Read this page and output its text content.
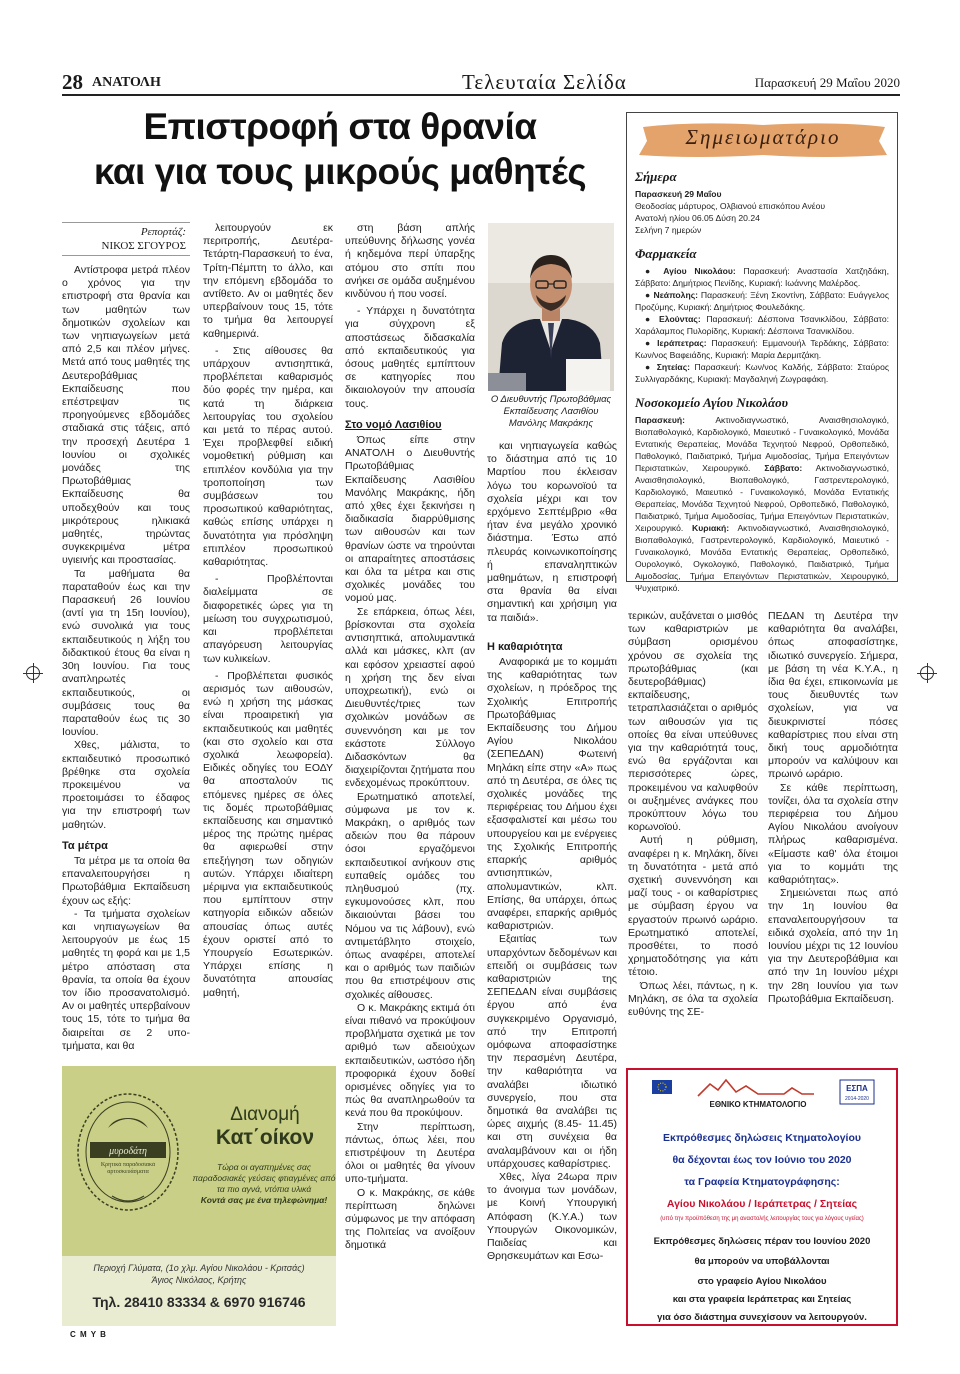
28 ΑΝΑΤΟΛΗ	Τελευταία Σελίδα	Παρασκευή 29 Μαΐου 2020
Επιστροφή στα θρανία
και για τους μικρούς μαθητές
Ρεπορτάζ:
ΝΙΚΟΣ ΣΓΟΥΡΟΣ

Αντίστροφα μετρά πλέον ο χρόνος για την επιστροφή στα θρανία και των μαθητών των δημοτικών σχολείων και των νηπιαγωγείων μετά από 2,5 και πλέον μήνες. Μετά από τους μαθητές της Δευτεροβάθμιας Εκπαίδευσης που επέστρεψαν τις προηγούμενες εβδομάδες σταδιακά στις τάξεις, από την προσεχή Δευτέρα 1 Ιουνίου οι σχολικές μονάδες της Πρωτοβάθμιας Εκπαίδευσης θα υποδεχθούν και τους μικρότερους ηλικιακά μαθητές, τηρώντας συγκεκριμένα μέτρα υγιεινής και προστασίας.

Τα μαθήματα θα παραταθούν έως και την Παρασκευή 26 Ιουνίου (αντί για τη 15η Ιουνίου), ενώ συνολικά για τους εκπαιδευτικούς η λήξη του διδακτικού έτους θα είναι η 30η Ιουνίου. Για τους αναπληρωτές εκπαιδευτικούς, οι συμβάσεις τους θα παραταθούν έως τις 30 Ιουνίου.

Χθες, μάλιστα, το εκπαιδευτικό προσωπικό βρέθηκε στα σχολεία προκειμένου να προετοιμάσει το έδαφος για την επιστροφή των μαθητών.

Τα μέτρα

Τα μέτρα με τα οποία θα επαναλειτουργήσει η Πρωτοβάθμια Εκπαίδευση έχουν ως εξής:

- Τα τμήματα σχολείων και νηπιαγωγείων θα λειτουργούν με έως 15 μαθητές τη φορά και με 1,5 μέτρο απόσταση στα θρανία, τα οποία θα έχουν τον ίδιο προσανατολισμό. Αν οι μαθητές υπερβαίνουν τους 15, τότε το τμήμα θα διαιρείται σε 2 υπο-τμήματα, και θα

λειτουργούν εκ περιτροπής, Δευτέρα-Τετάρτη-Παρασκευή το ένα, Τρίτη-Πέμπτη το άλλο, και την επόμενη εβδομάδα το αντίθετο. Αν οι μαθητές δεν υπερβαίνουν τους 15, τότε το τμήμα θα λειτουργεί καθημερινά.

- Στις αίθουσες θα υπάρχουν αντισηπτικά, προβλέπεται καθαρισμός δύο φορές την ημέρα, και κατά τη διάρκεια λειτουργίας του σχολείου και μετά το πέρας αυτού. Έχει προβλεφθεί ειδική νομοθετική ρύθμιση και επιπλέον κονδύλια για την τροποποίηση των συμβάσεων του προσωπικού καθαριότητας, καθώς επίσης υπάρχει η δυνατότητα για πρόσληψη επιπλέον προσωπικού καθαριότητας.

- Προβλέπονται διαλείμματα σε διαφορετικές ώρες για τη μείωση του συγχρωτισμού, και προβλέπεται απαγόρευση λειτουργίας των κυλικείων.

- Προβλέπεται φυσικός αερισμός των αιθουσών, ενώ η χρήση της μάσκας είναι προαιρετική για εκπαιδευτικούς και μαθητές (και στο σχολείο και στα σχολικά λεωφορεία). Ειδικές οδηγίες του ΕΟΔΥ θα αποσταλούν τις επόμενες ημέρες σε όλες τις δομές πρωτοβάθμιας εκπαίδευσης και σημαντικό μέρος της πρώτης ημέρας θα αφιερωθεί στην επεξήγηση των οδηγιών αυτών. Υπάρχει ιδιαίτερη μέριμνα για εκπαιδευτικούς που εμπίπτουν στην κατηγορία ειδικών αδειών απουσίας όπως αυτές έχουν οριστεί από το Υπουργείο Εσωτερικών. Υπάρχει επίσης η δυνατότητα απουσίας μαθητή,

στη βάση απλής υπεύθυνης δήλωσης γονέα ή κηδεμόνα περί ύπαρξης ατόμου στο σπίτι που ανήκει σε ομάδα αυξημένου κινδύνου ή που νοσεί.

- Υπάρχει η δυνατότητα για σύγχρονη εξ αποστάσεως διδασκαλία από εκπαιδευτικούς για όσους μαθητές εμπίπτουν σε κατηγορίες που δικαιολογούν την απουσία τους.

Στο νομό Λασιθίου

Όπως είπε στην ΑΝΑΤΟΛΗ ο Διευθυντής Πρωτοβάθμιας Εκπαίδευσης Λασιθίου Μανόλης Μακράκης, ήδη από χθες έχει ξεκινήσει η διαδικασία διαρρύθμισης των αιθουσών και των θρανίων ώστε να τηρούνται οι απαραίτητες αποστάσεις και όλα τα μέτρα και στις σχολικές μονάδες του νομού μας.

Σε επάρκεια, όπως λέει, βρίσκονται στα σχολεία αντισηπτικά, απολυμαντικά αλλά και μάσκες, κλπ (αν και εφόσον χρειαστεί αφού η χρήση της δεν είναι υποχρεωτική), ενώ οι Διευθυντές/τριες των σχολικών μονάδων σε συνεννόηση και με τον εκάστοτε Σύλλογο Διδασκόντων θα διαχειρίζονται ζητήματα που ενδεχομένως προκύπτουν.

Ερωτηματικό αποτελεί, σύμφωνα με τον κ. Μακράκη, ο αριθμός των αδειών που θα πάρουν όσοι εργαζόμενοι εκπαιδευτικοί ανήκουν στις ευπαθείς ομάδες του πληθυσμού (πχ. εγκυμονούσες κλπ, που δικαιούνται βάσει του Νόμου να τις λάβουν), ενώ αντιμετάβλητο στοιχείο, όπως αναφέρει, αποτελεί και ο αριθμός των παιδιών που θα επιστρέψουν στις σχολικές αίθουσες.

Ο κ. Μακράκης εκτιμά ότι είναι πιθανό να προκύψουν προβλήματα σχετικά με τον αριθμό των αδειούχων εκπαιδευτικών, ωστόσο ήδη προφορικά έχουν δοθεί ορισμένες οδηγίες για το πώς θα αναπληρωθούν τα κενά που θα προκύψουν.

Στην περίπτωση, πάντως, όπως λέει, που επιστρέψουν τη Δευτέρα όλοι οι μαθητές θα γίνουν υπο-τμήματα.

Ο κ. Μακράκης, σε κάθε περίπτωση δηλώνει σύμφωνος με την απόφαση της Πολιτείας να ανοίξουν δημοτικά

Ο Διευθυντής Πρωτοβάθμιας Εκπαίδευσης Λασιθίου Μανόλης Μακράκης

και νηπιαγωγεία καθώς το διάστημα από τις 10 Μαρτίου που έκλεισαν λόγω του κορωνοϊού τα σχολεία μέχρι και τον ερχόμενο Σεπτέμβριο «θα ήταν ένα μεγάλο χρονικό διάστημα. Έστω από πλευράς κοινωνικοποίησης ή επαναληπτικών μαθημάτων, η επιστροφή στα θρανία θα είναι σημαντική και χρήσιμη για τα παιδιά».

Η καθαριότητα

Αναφορικά με το κομμάτι της καθαριότητας των σχολείων, η πρόεδρος της Σχολικής Επιτροπής Πρωτοβάθμιας Εκπαίδευσης του Δήμου Αγίου Νικολάου (ΣΕΠΕΔΑΝ) Φωτεινή Μηλάκη είπε στην «Α» πως από τη Δευτέρα, σε όλες τις σχολικές μονάδες της περιφέρειας του Δήμου έχει εξασφαλιστεί και μέσω του υπουργείου και με ενέργειες της Σχολικής Επιτροπής επαρκής αριθμός αντισηπτικών, απολυμαντικών, κλπ. Επίσης, θα υπάρχει, όπως αναφέρει, επαρκής αριθμός καθαριστριών.

Εξαιτίας των υπαρχόντων δεδομένων και επειδή οι συμβάσεις των καθαριστριών της ΣΕΠΕΔΑΝ είναι συμβάσεις έργου από ένα συγκεκριμένο Οργανισμό, από την Επιτροπή ομόφωνα αποφασίστηκε την περασμένη Δευτέρα, την καθαριότητα να αναλάβει ιδιωτικό συνεργείο, που στα δημοτικά θα αναλάβει τις ώρες αιχμής (8.45- 11.45) και στη συνέχεια θα αναλαμβάνουν και οι ήδη υπάρχουσες καθαρίστριες.

Χθες, λίγα 24ωρα πριν το άνοιγμα των μονάδων, με Κοινή Υπουργική Απόφαση (Κ.Υ.Α.) των Υπουργών Οικονομικών, Παιδείας και Θρησκευμάτων και Εσω-

τερικών, αυξάνεται ο μισθός των καθαριστριών με σύμβαση ορισμένου χρόνου σε σχολεία της πρωτοβάθμιας (και δευτεροβάθμιας) εκπαίδευσης, τετραπλασιάζεται ο αριθμός των αιθουσών για τις οποίες θα είναι υπεύθυνες για την καθαριότητά τους, ενώ θα εργάζονται και περισσότερες ώρες, προκειμένου να καλυφθούν οι αυξημένες ανάγκες που προκύπτουν λόγω του κορωνοϊού.

Αυτή η ρύθμιση, αναφέρει η κ. Μηλάκη, δίνει τη δυνατότητα - μετά από σχετική συνεννόηση και μαζί τους - οι καθαρίστριες με σύμβαση έργου να εργαστούν πρωινό ωράριο. Ερωτηματικό αποτελεί, προσθέτει, το ποσό χρηματοδότησης για κάτι τέτοιο.

Όπως λέει, πάντως, η κ. Μηλάκη, σε όλα τα σχολεία ευθύνης της ΣΕ-

ΠΕΔΑΝ τη Δευτέρα την καθαριότητα θα αναλάβει, όπως αποφασίστηκε, ιδιωτικό συνεργείο. Σήμερα, με βάση τη νέα Κ.Υ.Α., η ίδια θα έχει, επικοινωνία με τους διευθυντές των σχολείων, για να διευκρινιστεί πόσες καθαρίστριες που είναι στη δική τους αρμοδιότητα μπορούν να καλύψουν και πρωινό ωράριο.

Σε κάθε περίπτωση, τονίζει, όλα τα σχολεία στην περιφέρεια του Δήμου Αγίου Νικολάου ανοίγουν πλήρως καθαρισμένα. «Είμαστε καθ' όλα έτοιμοι για το κομμάτι της καθαριότητας».

Σημειώνεται πως από την 1η Ιουνίου θα επαναλειτουργήσουν τα ειδικά σχολεία, από την 1η Ιουνίου μέχρι τις 12 Ιουνίου για την Δευτεροβάθμια και από την 1η Ιουνίου μέχρι την 28η Ιουνίου για των Πρωτοβάθμια Εκπαίδευση.

Σημειωματάριο
Σήμερα
Παρασκευή 29 Μαΐου
Θεοδοσίας μάρτυρος, Ολβιανού επισκόπου Ανέου
Ανατολή ηλίου 06.05 Δύση 20.24
Σελήνη 7 ημερών
Φαρμακεία
● Αγίου Νικολάου: Παρασκευή: Αναστασία Χατζηδάκη, Σάββατο: Δημήτριος Πενίδης, Κυριακή: Ιωάννης Μαλέρδος.
● Νεάπολης: Παρασκευή: Ξένη Σκοντίνη, Σάββατο: Ευάγγελος Προζύμης, Κυριακή: Δημήτριος Φουλεδάκης.
● Ελούντας: Παρασκευή: Δέσποινα Τσανικλίδου, Σάββατο: Χαράλαμπος Πυλορίδης, Κυριακή: Δέσποινα Τσανικλίδου.
● Ιεράπετρας: Παρασκευή: Εμμανουήλ Τερδάκης, Σάββατο: Κων/νος Βαφειάδης, Κυριακή: Μαρία Δερμιτζάκη.
● Σητείας: Παρασκευή: Κων/νος Καλδής, Σάββατο: Σταύρος Συλλιγαρδάκης, Κυριακή: Μαγδαληνή Ζωγραφάκη.
Νοσοκομείο Αγίου Νικολάου
Παρασκευή:	Ακτινοδιαγνωστικό, Αναισθησιολογικό, Βιοπαθολογικό, Καρδιολογικό, Μαιευτικό - Γυναικολογικό, Μονάδα Εντατικής Θεραπείας, Μονάδα Τεχνητού Νεφρού, Ορθοπεδικό, Παθολογικό, Παιδιατρικό, Τμήμα Αιμοδοσίας, Τμήμα Επειγόντων Περιστατικών, Χειρουργικό. Σάββατο: Ακτινοδιαγνωστικό, Αναισθησιολογικό, Βιοπαθολογικό, Γαστρεντερολογικό, Καρδιολογικό, Μαιευτικό - Γυναικολογικό, Μονάδα Εντατικής Θεραπείας, Μονάδα Τεχνητού Νεφρού, Ορθοπεδικό, Παθολογικό, Παιδιατρικό, Τμήμα Αιμοδοσίας, Τμήμα Επειγόντων Περιστατικών, Χειρουργικό. Κυριακή: Ακτινοδιαγνωστικό, Αναισθησιολογικό, Βιοπαθολογικό, Γαστρεντερολογικό, Καρδιολογικό, Μαιευτικό - Γυναικολογικό, Μονάδα Εντατικής Θεραπείας, Ορθοπεδικό, Ουρολογικό, Ογκολογικό, Παθολογικό, Παιδιατρικό, Τμήμα Αιμοδοσίας, Τμήμα Επειγόντων Περιστατικών, Χειρουργικό, Ψυχιατρικό.
μυροδάτη
Κρητικά παραδοσιακά αρτοσκευάσματα
Διανομή
Κατ΄οίκον
Τώρα οι αγαπημένες σας παραδοσιακές γεύσεις φτιαγμένες από τα πιο αγνά, ντόπια υλικά
Κοντά σας με ένα τηλεφώνημα!
Περιοχή Γλύματα, (1ο χλμ. Αγίου Νικολάου - Κριτσάς)
Άγιος Νικόλαος, Κρήτης
Τηλ. 28410 83334 & 6970 916746
ΕΘΝΙΚΟ ΚΤΗΜΑΤΟΛΟΓΙΟ
ΕΣΠΑ
2014-2020
Εκπρόθεσμες δηλώσεις Κτηματολογίου
θα δέχονται έως τον Ιούνιο του 2020
τα Γραφεία Κτηματογράφησης:
Αγίου Νικολάου / Ιεράπετρας / Σητείας
(υπό την προϋπόθεση της μη αναστολής λειτουργίας τους για λόγους υγείας)
Εκπρόθεσμες δηλώσεις πέραν του Ιουνίου 2020
θα μπορούν να υποβάλλονται
στο γραφείο Αγίου Νικολάου
και στα γραφεία Ιεράπετρας και Σητείας
για όσο διάστημα συνεχίσουν να λειτουργούν.
C M Y B
